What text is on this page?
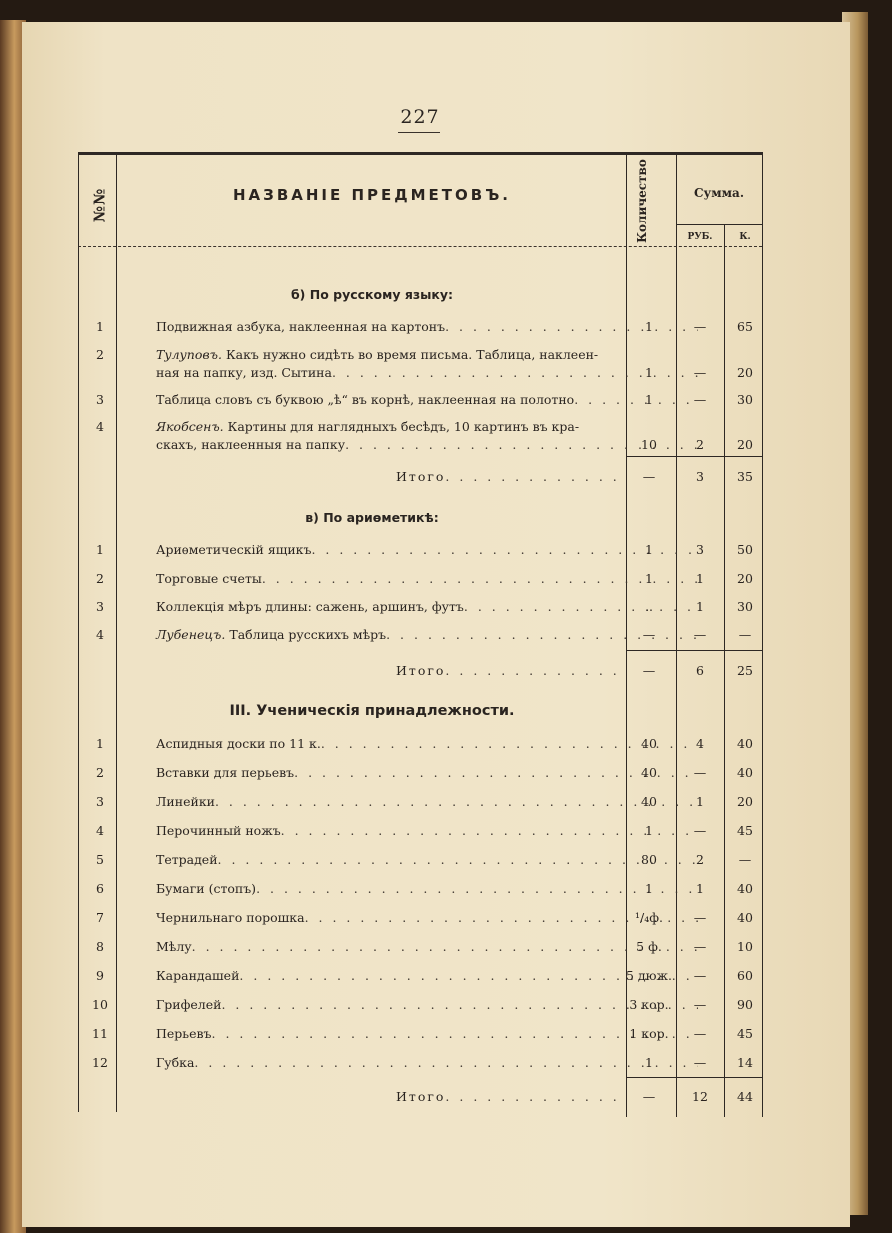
227
№№	НАЗВАНІЕ ПРЕДМЕТОВЪ.	Количество	Сумма.
РУБ.	К.
б) По русскому языку:
1	Подвижная азбука, наклеенная на картонъ . . .	1	—	65
2	Тулуповъ. Какъ нужно сидѣть во время письма. Таблица, наклеен-
ная на папку, изд. Сытина . . .	1	—	20
3	Таблица словъ съ буквою „ѣ“ въ корнѣ, наклеенная на полотно . . .	1	—	30
4	Якобсенъ. Картины для наглядныхъ бесѣдъ, 10 картинъ въ кра-
скахъ, наклеенныя на папку . . .	10	2	20
Итого . . .	—	3	35
в) По ариѳметикѣ:
1	Ариѳметическій ящикъ . . .	1	3	50
2	Торговые счеты . . .	1	1	20
3	Коллекція мѣръ длины: сажень, аршинъ, футъ . . .	..	1	30
4	Лубенецъ. Таблица русскихъ мѣръ . . .	—	—	—
Итого . . .	—	6	25
III. Ученическія принадлежности.
1	Аспидныя доски по 11 к. . . .	40	4	40
2	Вставки для перьевъ . . .	40	—	40
3	Линейки . . .	40	1	20
4	Перочинный ножъ . . .	1	—	45
5	Тетрадей . . .	80	2	—
6	Бумаги (стопъ) . . .	1	1	40
7	Чернильнаго порошка . . .	¹/₄ф.	—	40
8	Мѣлу . . .	5 ф.	—	10
9	Карандашей . . .	5 дюж.	—	60
10	Грифелей . . .	3 кор.	—	90
11	Перьевъ . . .	1 кор.	—	45
12	Губка . . .	1	—	14
Итого . . .	—	12	44
